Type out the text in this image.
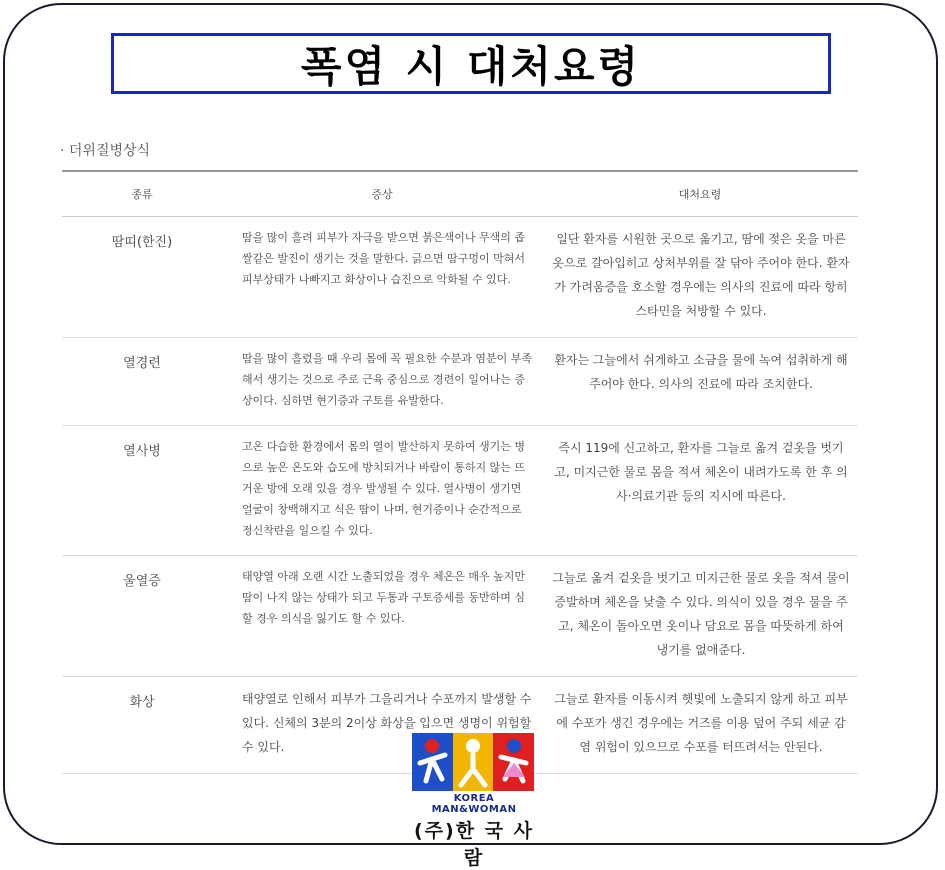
폭염 시 대처요령
· 더위질병상식
종류	증상	대처요령
땀띠(한진)	땀을 많이 흘려 피부가 자극을 받으면 붉은색이나 무색의 좁쌀같은 발진이 생기는 것을 말한다. 긁으면 땀구멍이 막혀서 피부상태가 나빠지고 화상이나 습진으로 악화될 수 있다.	일단 환자를 시원한 곳으로 옮기고, 땀에 젖은 옷을 마른 옷으로 갈아입히고 상처부위를 잘 닦아 주어야 한다. 환자가 가려움증을 호소할 경우에는 의사의 진료에 따라 항히스타민을 처방할 수 있다.
열경련	땀을 많이 흘렸을 때 우리 몸에 꼭 필요한 수분과 염분이 부족해서 생기는 것으로 주로 근육 중심으로 경련이 일어나는 증상이다. 심하면 현기증과 구토를 유발한다.	환자는 그늘에서 쉬게하고 소금을 물에 녹여 섭취하게 해주어야 한다. 의사의 진료에 따라 조치한다.
열사병	고온 다습한 환경에서 몸의 열이 발산하지 못하여 생기는 병으로 높은 온도와 습도에 방치되거나 바람이 통하지 않는 뜨거운 방에 오래 있을 경우 발생될 수 있다. 열사병이 생기면 얼굴이 창백해지고 식은 땀이 나며, 현기증이나 순간적으로 정신착란을 일으킬 수 있다.	즉시 119에 신고하고, 환자를 그늘로 옮겨 겉옷을 벗기고, 미지근한 물로 몸을 적셔 체온이 내려가도록 한 후 의사·의료기관 등의 지시에 따른다.
울열증	태양열 아래 오랜 시간 노출되었을 경우 체온은 매우 높지만 땀이 나지 않는 상태가 되고 두통과 구토증세를 동반하며 심할 경우 의식을 잃기도 할 수 있다.	그늘로 옮겨 겉옷을 벗기고 미지근한 물로 옷을 적셔 물이 증발하며 체온을 낮출 수 있다. 의식이 있을 경우 물을 주고, 체온이 돌아오면 옷이나 담요로 몸을 따뜻하게 하여 냉기를 없애준다.
화상	태양열로 인해서 피부가 그을리거나 수포까지 발생할 수 있다. 신체의 3분의 2이상 화상을 입으면 생명이 위험할 수 있다.	그늘로 환자를 이동시켜 햇빛에 노출되지 않게 하고 피부에 수포가 생긴 경우에는 거즈를 이용 덮어 주되 세균 감염 위험이 있으므로 수포를 터뜨려서는 안된다.
KOREA MAN&WOMAN
(주)한 국 사 람
